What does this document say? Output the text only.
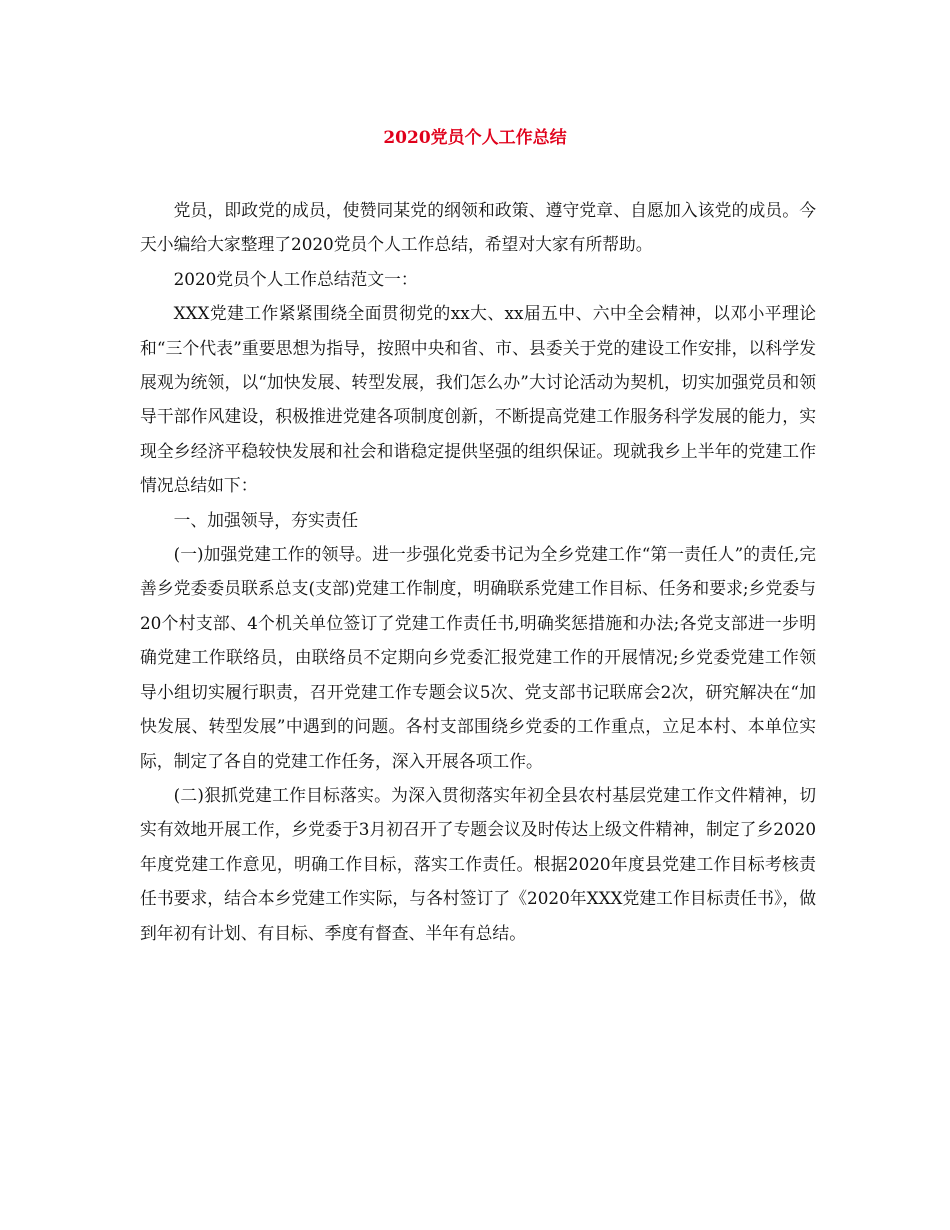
2020党员个人工作总结

党员，即政党的成员，使赞同某党的纲领和政策、遵守党章、自愿加入该党的成员。今天小编给大家整理了2020党员个人工作总结，希望对大家有所帮助。

2020党员个人工作总结范文一：

XXX党建工作紧紧围绕全面贯彻党的xx大、xx届五中、六中全会精神，以邓小平理论和“三个代表”重要思想为指导，按照中央和省、市、县委关于党的建设工作安排，以科学发展观为统领，以“加快发展、转型发展，我们怎么办”大讨论活动为契机，切实加强党员和领导干部作风建设，积极推进党建各项制度创新，不断提高党建工作服务科学发展的能力，实现全乡经济平稳较快发展和社会和谐稳定提供坚强的组织保证。现就我乡上半年的党建工作情况总结如下：

一、加强领导，夯实责任

(一)加强党建工作的领导。进一步强化党委书记为全乡党建工作“第一责任人”的责任,完善乡党委委员联系总支(支部)党建工作制度，明确联系党建工作目标、任务和要求;乡党委与20个村支部、4个机关单位签订了党建工作责任书,明确奖惩措施和办法;各党支部进一步明确党建工作联络员，由联络员不定期向乡党委汇报党建工作的开展情况;乡党委党建工作领导小组切实履行职责，召开党建工作专题会议5次、党支部书记联席会2次，研究解决在“加快发展、转型发展”中遇到的问题。各村支部围绕乡党委的工作重点，立足本村、本单位实际，制定了各自的党建工作任务，深入开展各项工作。

(二)狠抓党建工作目标落实。为深入贯彻落实年初全县农村基层党建工作文件精神，切实有效地开展工作，乡党委于3月初召开了专题会议及时传达上级文件精神，制定了乡2020年度党建工作意见，明确工作目标，落实工作责任。根据2020年度县党建工作目标考核责任书要求，结合本乡党建工作实际，与各村签订了《2020年XXX党建工作目标责任书》，做到年初有计划、有目标、季度有督查、半年有总结。
